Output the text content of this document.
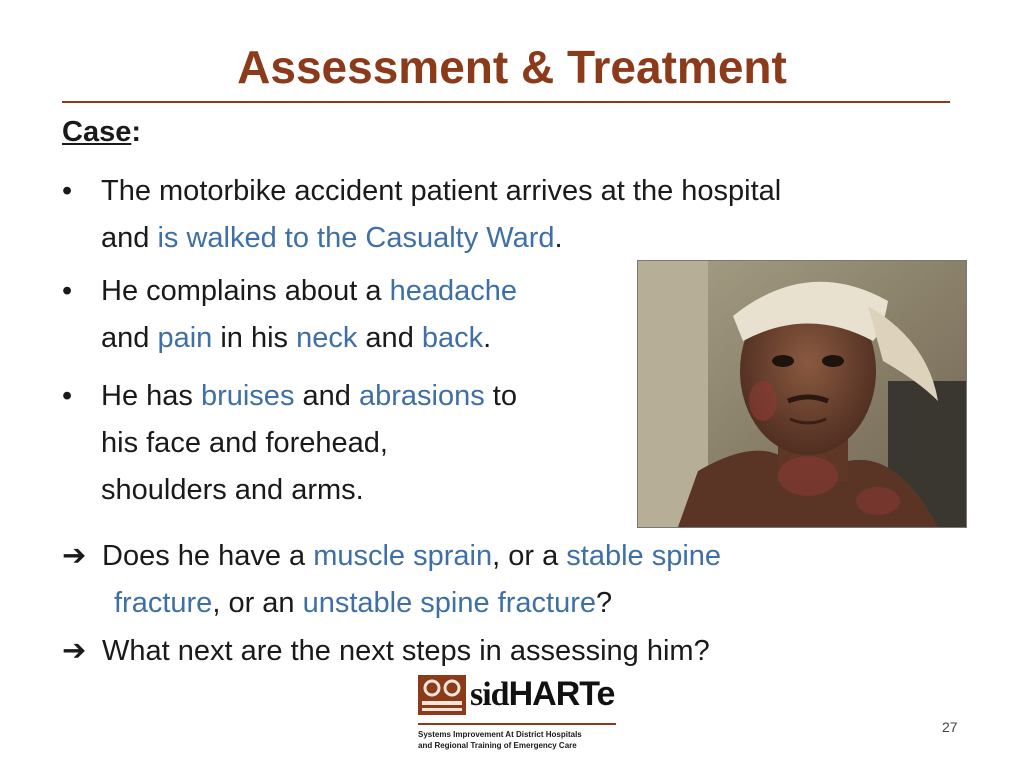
Assessment & Treatment
Case:
• The motorbike accident patient arrives at the hospital
and is walked to the Casualty Ward.
• He complains about a headache
and pain in his neck and back.
• He has bruises and abrasions to
his face and forehead,
shoulders and arms.
➔ Does he have a muscle sprain, or a stable spine
fracture, or an unstable spine fracture?
➔ What next are the next steps in assessing him?
sidHARTe
Systems Improvement At District Hospitals
and Regional Training of Emergency Care
27
